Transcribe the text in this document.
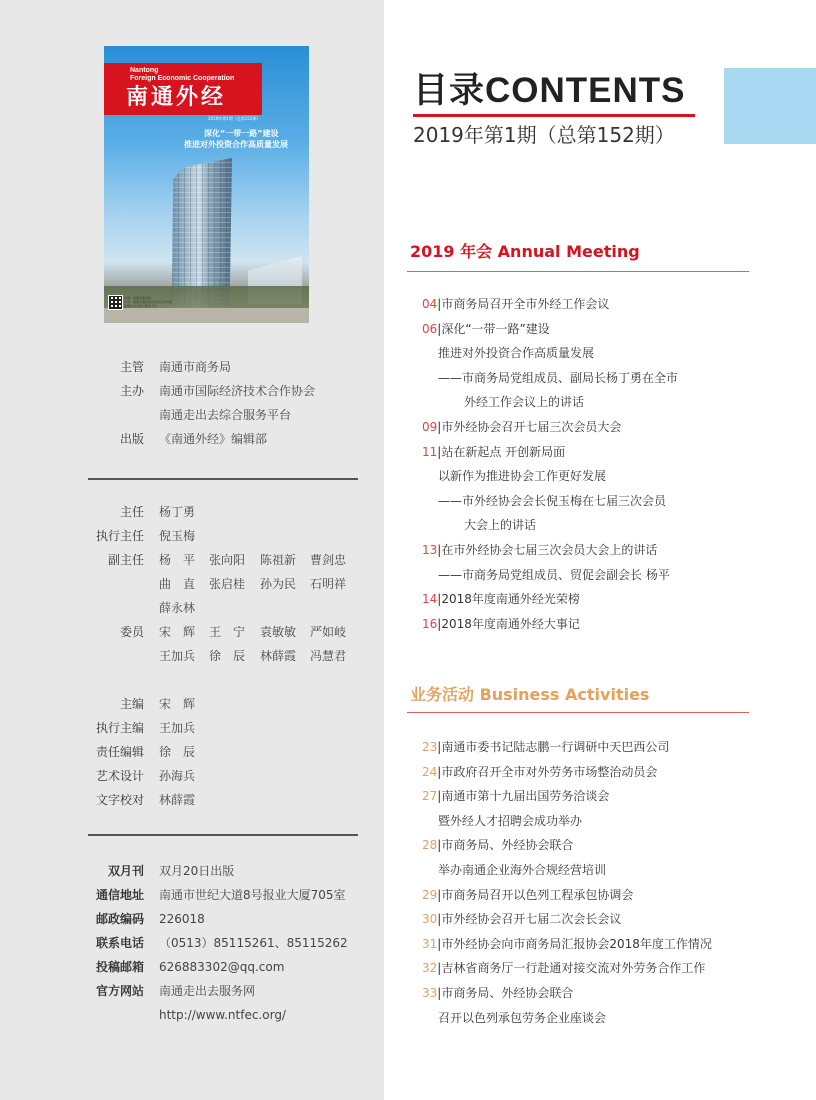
Nantong
Foreign Economic Cooperation
南通外经
2019年第1期（总第152期）
深化“一带一路”建设
推进对外投资合作高质量发展
主管：南通市商务局
主办：南通市国际经济技术合作协会
南通走出去综合服务平台
主管 南通市商务局
主办 南通市国际经济技术合作协会
南通走出去综合服务平台
出版 《南通外经》编辑部
主任 杨丁勇
执行主任 倪玉梅
副主任 杨　平 张向阳 陈祖新 曹剑忠
曲　直 张启桂 孙为民 石明祥
薛永林
委员 宋　辉 王　宁 袁敏敏 严如岐
王加兵 徐　辰 林薛霞 冯慧君
主编 宋　辉
执行主编 王加兵
责任编辑 徐　辰
艺术设计 孙海兵
文字校对 林薛霞
双月刊 双月20日出版
通信地址 南通市世纪大道8号报业大厦705室
邮政编码 226018
联系电话 （0513）85115261、85115262
投稿邮箱 626883302@qq.com
官方网站 南通走出去服务网
http://www.ntfec.org/
目录CONTENTS
2019年第1期（总第152期）
2019 年会 Annual Meeting
04|市商务局召开全市外经工作会议
06|深化“一带一路”建设
推进对外投资合作高质量发展
——市商务局党组成员、副局长杨丁勇在全市
外经工作会议上的讲话
09|市外经协会召开七届三次会员大会
11|站在新起点 开创新局面
以新作为推进协会工作更好发展
——市外经协会会长倪玉梅在七届三次会员
大会上的讲话
13|在市外经协会七届三次会员大会上的讲话
——市商务局党组成员、贸促会副会长 杨平
14|2018年度南通外经光荣榜
16|2018年度南通外经大事记
业务活动 Business Activities
23|南通市委书记陆志鹏一行调研中天巴西公司
24|市政府召开全市对外劳务市场整治动员会
27|南通市第十九届出国劳务洽谈会
暨外经人才招聘会成功举办
28|市商务局、外经协会联合
举办南通企业海外合规经营培训
29|市商务局召开以色列工程承包协调会
30|市外经协会召开七届二次会长会议
31|市外经协会向市商务局汇报协会2018年度工作情况
32|吉林省商务厅一行赴通对接交流对外劳务合作工作
33|市商务局、外经协会联合
召开以色列承包劳务企业座谈会
